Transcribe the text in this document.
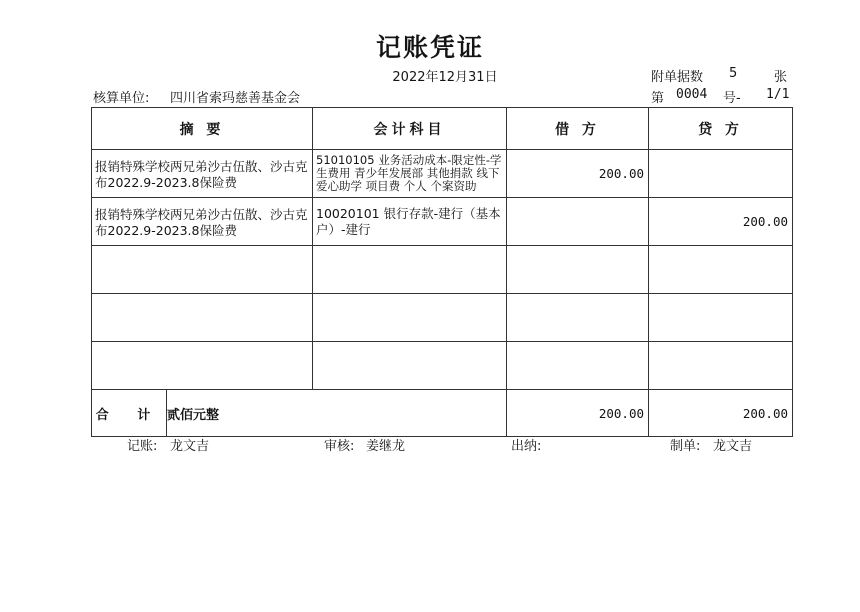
记账凭证
2022年12月31日	附单据数 5	张
核算单位: 四川省索玛慈善基金会	第 0004 号- 1/1
摘 要		会计科目	借 方	贷 方

报销特殊学校两兄弟沙古伍散、沙古克布2022.9-2023.8保险费		51010105 业务活动成本-限定性-学生费用 青少年发展部 其他捐款 线下爱心助学 项目费 个人 个案资助	200.00	

报销特殊学校两兄弟沙古伍散、沙古克布2022.9-2023.8保险费		10020101 银行存款-建行（基本户）-建行		200.00

合 计	贰佰元整		200.00	200.00
记账: 龙文吉	审核: 姜继龙	出纳:	制单: 龙文吉
